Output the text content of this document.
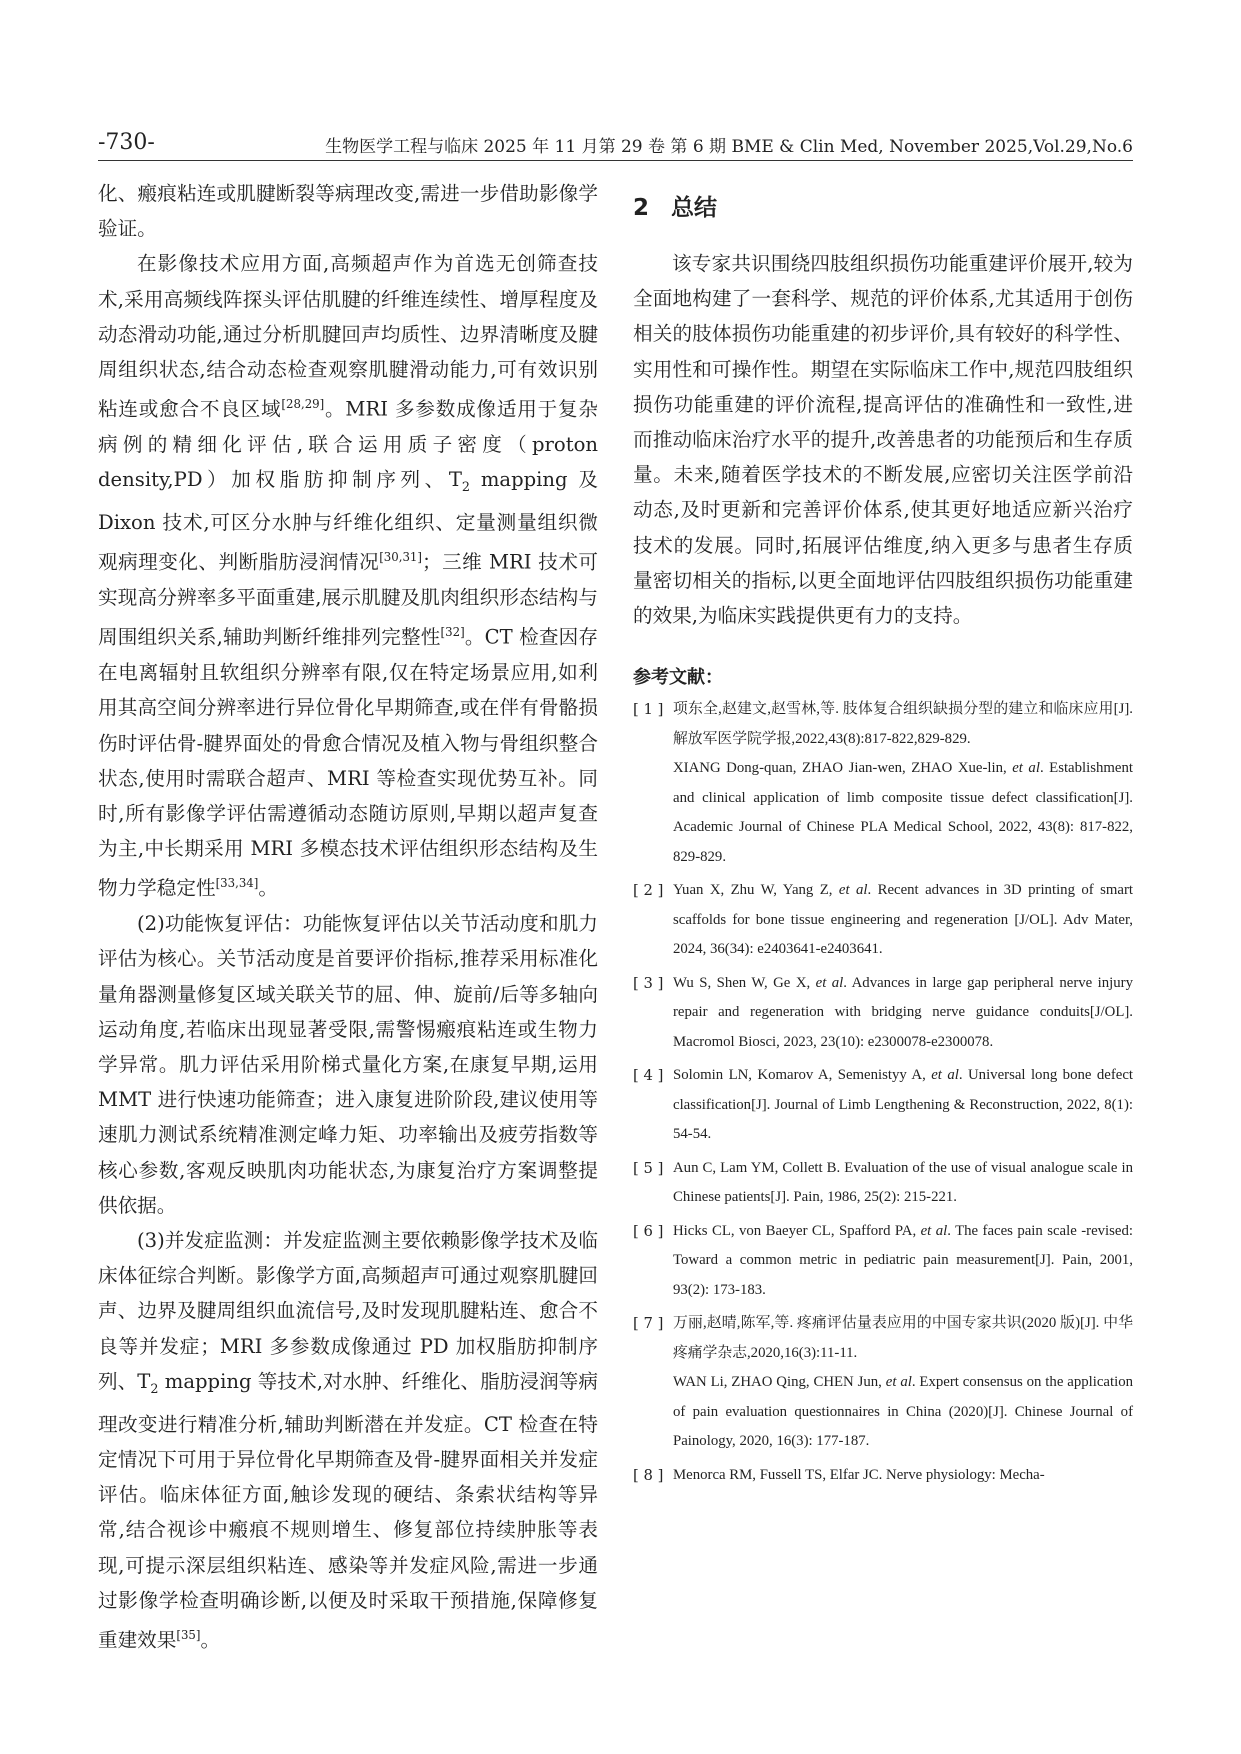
-730-	生物医学工程与临床 2025 年 11 月第 29 卷 第 6 期 BME & Clin Med, November 2025,Vol.29,No.6

化、瘢痕粘连或肌腱断裂等病理改变,需进一步借助影像学验证。

在影像技术应用方面,高频超声作为首选无创筛查技术,采用高频线阵探头评估肌腱的纤维连续性、增厚程度及动态滑动功能,通过分析肌腱回声均质性、边界清晰度及腱周组织状态,结合动态检查观察肌腱滑动能力,可有效识别粘连或愈合不良区域[28,29]。MRI 多参数成像适用于复杂病例的精细化评估,联合运用质子密度（proton density,PD）加权脂肪抑制序列、$T_2$ mapping 及 Dixon 技术,可区分水肿与纤维化组织、定量测量组织微观病理变化、判断脂肪浸润情况[30,31]；三维 MRI 技术可实现高分辨率多平面重建,展示肌腱及肌肉组织形态结构与周围组织关系,辅助判断纤维排列完整性[32]。CT 检查因存在电离辐射且软组织分辨率有限,仅在特定场景应用,如利用其高空间分辨率进行异位骨化早期筛查,或在伴有骨骼损伤时评估骨-腱界面处的骨愈合情况及植入物与骨组织整合状态,使用时需联合超声、MRI 等检查实现优势互补。同时,所有影像学评估需遵循动态随访原则,早期以超声复查为主,中长期采用 MRI 多模态技术评估组织形态结构及生物力学稳定性[33,34]。

(2)功能恢复评估：功能恢复评估以关节活动度和肌力评估为核心。关节活动度是首要评价指标,推荐采用标准化量角器测量修复区域关联关节的屈、伸、旋前/后等多轴向运动角度,若临床出现显著受限,需警惕瘢痕粘连或生物力学异常。肌力评估采用阶梯式量化方案,在康复早期,运用 MMT 进行快速功能筛查；进入康复进阶阶段,建议使用等速肌力测试系统精准测定峰力矩、功率输出及疲劳指数等核心参数,客观反映肌肉功能状态,为康复治疗方案调整提供依据。

(3)并发症监测：并发症监测主要依赖影像学技术及临床体征综合判断。影像学方面,高频超声可通过观察肌腱回声、边界及腱周组织血流信号,及时发现肌腱粘连、愈合不良等并发症；MRI 多参数成像通过 PD 加权脂肪抑制序列、$T_2$ mapping 等技术,对水肿、纤维化、脂肪浸润等病理改变进行精准分析,辅助判断潜在并发症。CT 检查在特定情况下可用于异位骨化早期筛查及骨-腱界面相关并发症评估。临床体征方面,触诊发现的硬结、条索状结构等异常,结合视诊中瘢痕不规则增生、修复部位持续肿胀等表现,可提示深层组织粘连、感染等并发症风险,需进一步通过影像学检查明确诊断,以便及时采取干预措施,保障修复重建效果[35]。

2 总结

该专家共识围绕四肢组织损伤功能重建评价展开,较为全面地构建了一套科学、规范的评价体系,尤其适用于创伤相关的肢体损伤功能重建的初步评价,具有较好的科学性、实用性和可操作性。期望在实际临床工作中,规范四肢组织损伤功能重建的评价流程,提高评估的准确性和一致性,进而推动临床治疗水平的提升,改善患者的功能预后和生存质量。未来,随着医学技术的不断发展,应密切关注医学前沿动态,及时更新和完善评价体系,使其更好地适应新兴治疗技术的发展。同时,拓展评估维度,纳入更多与患者生存质量密切相关的指标,以更全面地评估四肢组织损伤功能重建的效果,为临床实践提供更有力的支持。

参考文献：
[ 1 ] 项东全,赵建文,赵雪林,等. 肢体复合组织缺损分型的建立和临床应用[J]. 解放军医学院学报,2022,43(8):817-822,829-829.
XIANG Dong-quan, ZHAO Jian-wen, ZHAO Xue-lin, et al. Establishment and clinical application of limb composite tissue defect classification[J]. Academic Journal of Chinese PLA Medical School, 2022, 43(8): 817-822, 829-829.
[ 2 ] Yuan X, Zhu W, Yang Z, et al. Recent advances in 3D printing of smart scaffolds for bone tissue engineering and regeneration [J/OL]. Adv Mater, 2024, 36(34): e2403641-e2403641.
[ 3 ] Wu S, Shen W, Ge X, et al. Advances in large gap peripheral nerve injury repair and regeneration with bridging nerve guidance conduits[J/OL]. Macromol Biosci, 2023, 23(10): e2300078-e2300078.
[ 4 ] Solomin LN, Komarov A, Semenistyy A, et al. Universal long bone defect classification[J]. Journal of Limb Lengthening & Reconstruction, 2022, 8(1): 54-54.
[ 5 ] Aun C, Lam YM, Collett B. Evaluation of the use of visual analogue scale in Chinese patients[J]. Pain, 1986, 25(2): 215-221.
[ 6 ] Hicks CL, von Baeyer CL, Spafford PA, et al. The faces pain scale -revised: Toward a common metric in pediatric pain measurement[J]. Pain, 2001, 93(2): 173-183.
[ 7 ] 万丽,赵晴,陈军,等. 疼痛评估量表应用的中国专家共识(2020 版)[J]. 中华疼痛学杂志,2020,16(3):11-11.
WAN Li, ZHAO Qing, CHEN Jun, et al. Expert consensus on the application of pain evaluation questionnaires in China (2020)[J]. Chinese Journal of Painology, 2020, 16(3): 177-187.
[ 8 ] Menorca RM, Fussell TS, Elfar JC. Nerve physiology: Mecha-
